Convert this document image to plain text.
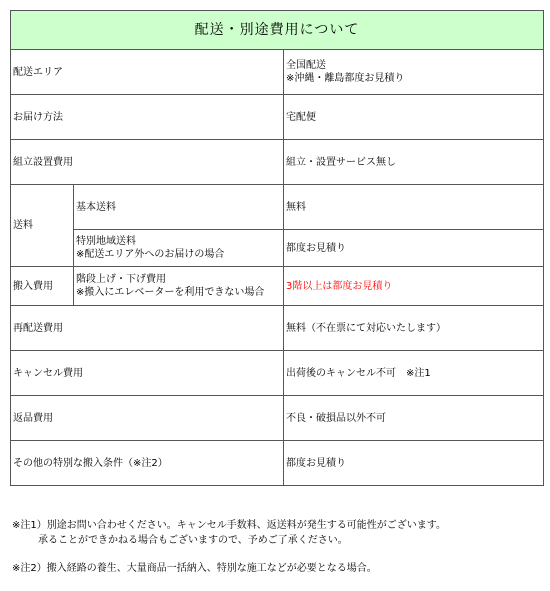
配送・別途費用について		
配送エリア		全国配送
※沖縄・離島都度お見積り

お届け方法		宅配便
組立設置費用		組立・設置サービス無し
送料	基本送料	無料

	特別地域送料
※配送エリア外へのお届けの場合	都度お見積り
搬入費用	階段上げ・下げ費用
※搬入にエレベーターを利用できない場合	3階以上は都度お見積り
再配送費用		無料（不在票にて対応いたします）
キャンセル費用		出荷後のキャンセル不可　※注1
返品費用		不良・破損品以外不可
その他の特別な搬入条件（※注2）		都度お見積り
※注1）別途お問い合わせください。キャンセル手数料、返送料が発生する可能性がございます。
承ることができかねる場合もございますので、予めご了承ください。
※注2）搬入経路の養生、大量商品一括納入、特別な施工などが必要となる場合。
